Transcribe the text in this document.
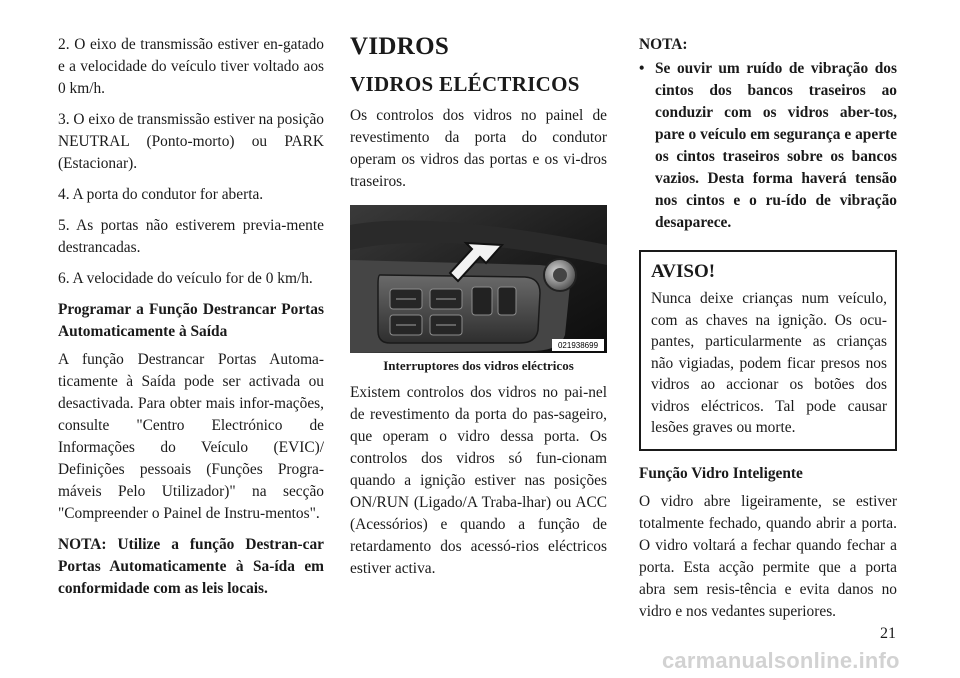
2. O eixo de transmissão estiver en-gatado e a velocidade do veículo tiver voltado aos 0 km/h.

3. O eixo de transmissão estiver na posição NEUTRAL (Ponto-morto) ou PARK (Estacionar).

4. A porta do condutor for aberta.

5. As portas não estiverem previa-mente destrancadas.

6. A velocidade do veículo for de 0 km/h.

Programar a Função Destrancar Portas Automaticamente à Saída

A função Destrancar Portas Automa-ticamente à Saída pode ser activada ou desactivada. Para obter mais infor-mações, consulte "Centro Electrónico de Informações do Veículo (EVIC)/ Definições pessoais (Funções Progra-máveis Pelo Utilizador)" na secção "Compreender o Painel de Instru-mentos".

NOTA: Utilize a função Destran-car Portas Automaticamente à Sa-ída em conformidade com as leis locais.

VIDROS
VIDROS ELÉCTRICOS

Os controlos dos vidros no painel de revestimento da porta do condutor operam os vidros das portas e os vi-dros traseiros.

021938699
Interruptores dos vidros eléctricos

Existem controlos dos vidros no pai-nel de revestimento da porta do pas-sageiro, que operam o vidro dessa porta. Os controlos dos vidros só fun-cionam quando a ignição estiver nas posições ON/RUN (Ligado/A Traba-lhar) ou ACC (Acessórios) e quando a função de retardamento dos acessó-rios eléctricos estiver activa.

NOTA:
• Se ouvir um ruído de vibração dos cintos dos bancos traseiros ao conduzir com os vidros aber-tos, pare o veículo em segurança e aperte os cintos traseiros sobre os bancos vazios. Desta forma haverá tensão nos cintos e o ru-ído de vibração desaparece.
AVISO!
Nunca deixe crianças num veículo, com as chaves na ignição. Os ocu-pantes, particularmente as crianças não vigiadas, podem ficar presos nos vidros ao accionar os botões dos vidros eléctricos. Tal pode causar lesões graves ou morte.

Função Vidro Inteligente

O vidro abre ligeiramente, se estiver totalmente fechado, quando abrir a porta. O vidro voltará a fechar quando fechar a porta. Esta acção permite que a porta abra sem resis-tência e evita danos no vidro e nos vedantes superiores.

21
carmanualsonline.info
